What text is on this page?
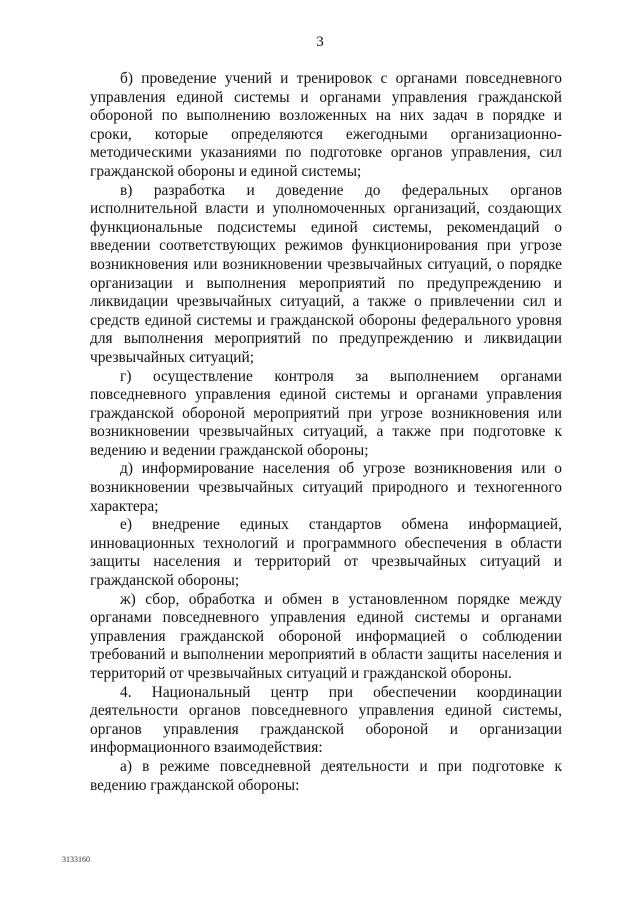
3

б) проведение учений и тренировок с органами повседневного управления единой системы и органами управления гражданской обороной по выполнению возложенных на них задач в порядке и сроки, которые определяются ежегодными организационно-методическими указаниями по подготовке органов управления, сил гражданской обороны и единой системы;

в) разработка и доведение до федеральных органов исполнительной власти и уполномоченных организаций, создающих функциональные подсистемы единой системы, рекомендаций о введении соответствующих режимов функционирования при угрозе возникновения или возникновении чрезвычайных ситуаций, о порядке организации и выполнения мероприятий по предупреждению и ликвидации чрезвычайных ситуаций, а также о привлечении сил и средств единой системы и гражданской обороны федерального уровня для выполнения мероприятий по предупреждению и ликвидации чрезвычайных ситуаций;

г) осуществление контроля за выполнением органами повседневного управления единой системы и органами управления гражданской обороной мероприятий при угрозе возникновения или возникновении чрезвычайных ситуаций, а также при подготовке к ведению и ведении гражданской обороны;

д) информирование населения об угрозе возникновения или о возникновении чрезвычайных ситуаций природного и техногенного характера;

е) внедрение единых стандартов обмена информацией, инновационных технологий и программного обеспечения в области защиты населения и территорий от чрезвычайных ситуаций и гражданской обороны;

ж) сбор, обработка и обмен в установленном порядке между органами повседневного управления единой системы и органами управления гражданской обороной информацией о соблюдении требований и выполнении мероприятий в области защиты населения и территорий от чрезвычайных ситуаций и гражданской обороны.

4. Национальный центр при обеспечении координации деятельности органов повседневного управления единой системы, органов управления гражданской обороной и организации информационного взаимодействия:

а) в режиме повседневной деятельности и при подготовке к ведению гражданской обороны:

3133160
